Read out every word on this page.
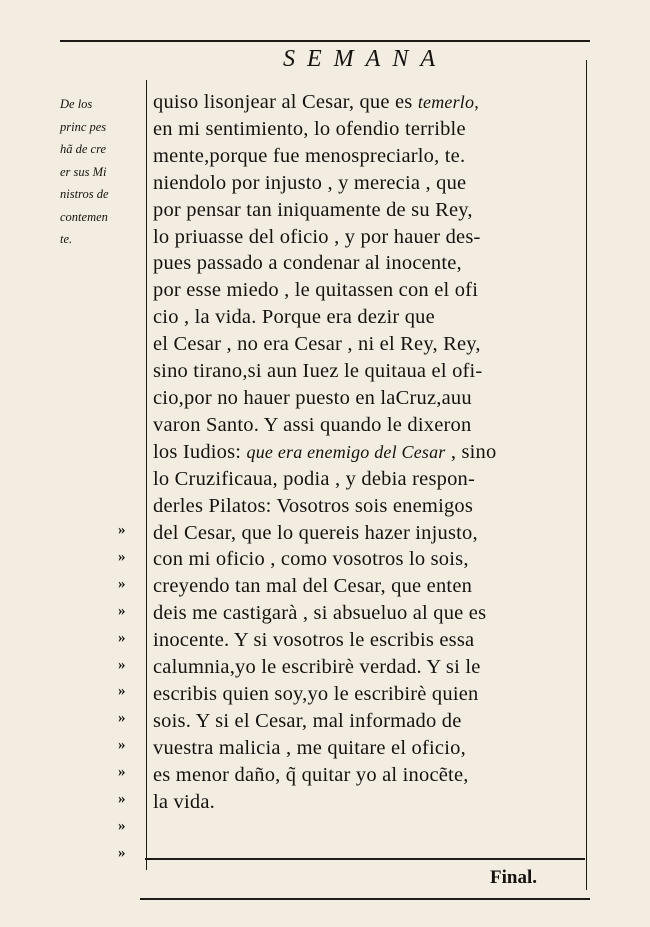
SEMANA
De los
princ pes
hã de cre
er sus Mi
nistros de
contemen
te.
»
»
»
»
»
»
»
»
»
»
»
»
»
quiso lisonjear al Cesar, que es temerlo,
en mi sentimiento, lo ofendio terrible
mente,porque fue menospreciarlo, te.
niendolo por injusto , y merecia , que
por pensar tan iniquamente de su Rey,
lo priuasse del oficio , y por hauer des-
pues passado a condenar al inocente,
por esse miedo , le quitassen con el ofi
cio , la vida. Porque era dezir que
el Cesar , no era Cesar , ni el Rey, Rey,
sino tirano,si aun Iuez le quitaua el ofi-
cio,por no hauer puesto en laCruz,auu
varon Santo. Y assi quando le dixeron
los Iudios: que era enemigo del Cesar , sino
lo Cruzificaua, podia , y debia respon-
derles Pilatos: Vosotros sois enemigos
del Cesar, que lo quereis hazer injusto,
con mi oficio , como vosotros lo sois,
creyendo tan mal del Cesar, que enten
deis me castigarà , si absueluo al que es
inocente. Y si vosotros le escribis essa
calumnia,yo le escribirè verdad. Y si le
escribis quien soy,yo le escribirè quien
sois. Y si el Cesar, mal informado de
vuestra malicia , me quitare el oficio,
es menor daño, q̃ quitar yo al inocẽte,
la vida.
Final.
